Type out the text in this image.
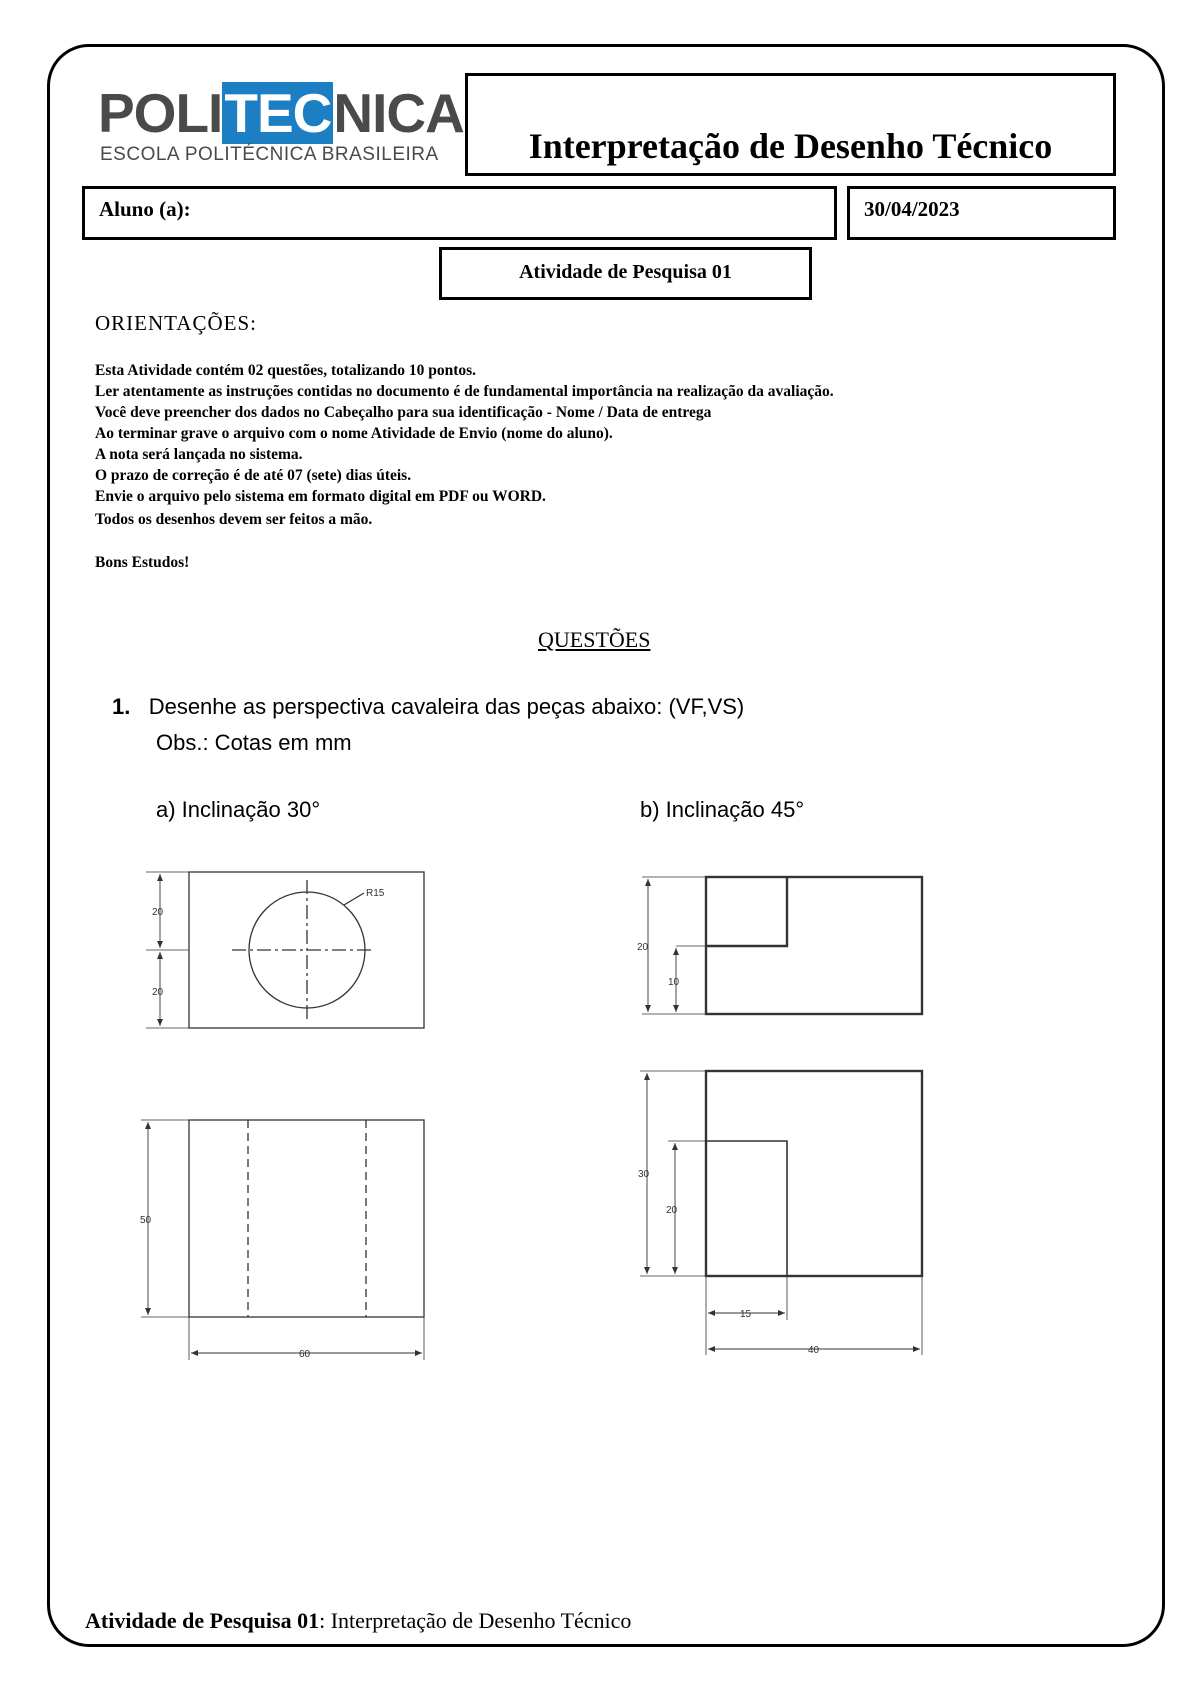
POLITECNICA
ESCOLA POLITÉCNICA BRASILEIRA	Interpretação de Desenho Técnico
Aluno (a):	30/04/2023
Atividade de Pesquisa 01
ORIENTAÇÕES:
Esta Atividade contém 02 questões, totalizando 10 pontos.
Ler atentamente as instruções contidas no documento é de fundamental importância na realização da avaliação.
Você deve preencher dos dados no Cabeçalho para sua identificação - Nome / Data de entrega
Ao terminar grave o arquivo com o nome Atividade de Envio (nome do aluno).
A nota será lançada no sistema.
O prazo de correção é de até 07 (sete) dias úteis.
Envie o arquivo pelo sistema em formato digital em PDF ou WORD.
Todos os desenhos devem ser feitos a mão.
Bons Estudos!
QUESTÕES
1. Desenhe as perspectiva cavaleira das peças abaixo: (VF,VS)
Obs.: Cotas em mm
a) Inclinação 30°	b) Inclinação 45°
R15
20
20
50
60
20
10
30
20
15
40
Atividade de Pesquisa 01: Interpretação de Desenho Técnico
